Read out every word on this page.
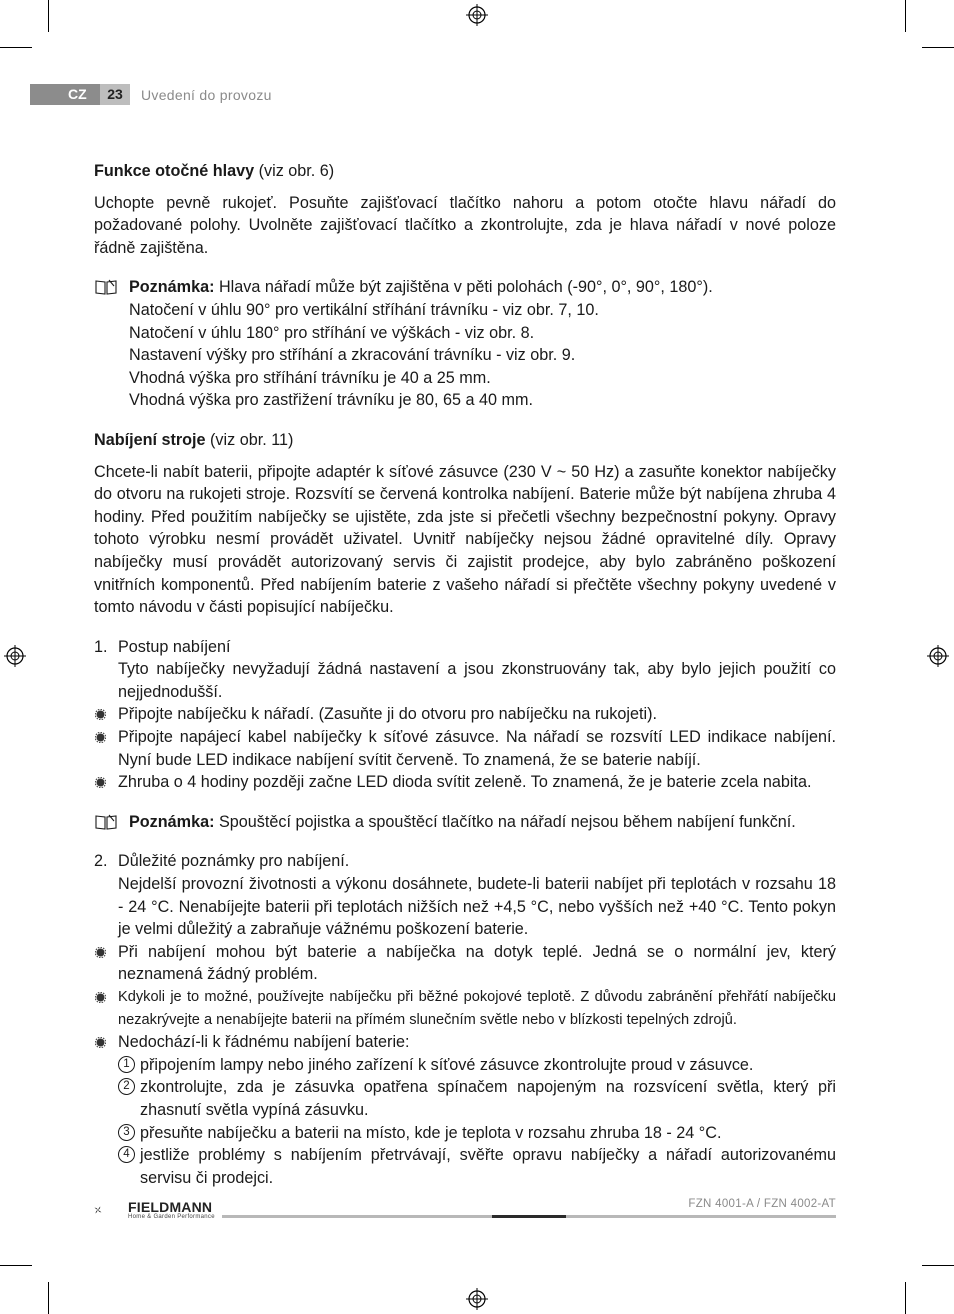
CZ	23	Uvedení do provozu

Funkce otočné hlavy (viz obr. 6)

Uchopte pevně rukojeť. Posuňte zajišťovací tlačítko nahoru a potom otočte hlavu nářadí do požadované polohy. Uvolněte zajišťovací tlačítko a zkontrolujte, zda je hlava nářadí v nové poloze řádně zajištěna.

Poznámka: Hlava nářadí může být zajištěna v pěti polohách (-90°, 0°, 90°, 180°).

Natočení v úhlu 90° pro vertikální stříhání trávníku - viz obr. 7, 10.

Natočení v úhlu 180° pro stříhání ve výškách - viz obr. 8.

Nastavení výšky pro stříhání a zkracování trávníku - viz obr. 9.

Vhodná výška pro stříhání trávníku je 40 a 25 mm.

Vhodná výška pro zastřižení trávníku je 80, 65 a 40 mm.

Nabíjení stroje (viz obr. 11)

Chcete-li nabít baterii, připojte adaptér k síťové zásuvce (230 V ~ 50 Hz) a zasuňte konektor nabíječky do otvoru na rukojeti stroje. Rozsvítí se červená kontrolka nabíjení. Baterie může být nabíjena zhruba 4 hodiny. Před použitím nabíječky se ujistěte, zda jste si přečetli všechny bezpečnostní pokyny. Opravy tohoto výrobku nesmí provádět uživatel. Uvnitř nabíječky nejsou žádné opravitelné díly. Opravy nabíječky musí provádět autorizovaný servis či zajistit prodejce, aby bylo zabráněno poškození vnitřních komponentů. Před nabíjením baterie z vašeho nářadí si přečtěte všechny pokyny uvedené v tomto návodu v části popisující nabíječku.

1. Postup nabíjení

Tyto nabíječky nevyžadují žádná nastavení a jsou zkonstruovány tak, aby bylo jejich použití co nejjednodušší.

Připojte nabíječku k nářadí. (Zasuňte ji do otvoru pro nabíječku na rukojeti).

Připojte napájecí kabel nabíječky k síťové zásuvce. Na nářadí se rozsvítí LED indikace nabíjení. Nyní bude LED indikace nabíjení svítit červeně. To znamená, že se baterie nabíjí.

Zhruba o 4 hodiny později začne LED dioda svítit zeleně. To znamená, že je baterie zcela nabita.

Poznámka: Spouštěcí pojistka a spouštěcí tlačítko na nářadí nejsou během nabíjení funkční.

2. Důležité poznámky pro nabíjení.

Nejdelší provozní životnosti a výkonu dosáhnete, budete-li baterii nabíjet při teplotách v rozsahu 18 - 24 °C. Nenabíjejte baterii při teplotách nižších než +4,5 °C, nebo vyšších než +40 °C. Tento pokyn je velmi důležitý a zabraňuje vážnému poškození baterie.

Při nabíjení mohou být baterie a nabíječka na dotyk teplé. Jedná se o normální jev, který neznamená žádný problém.

Kdykoli je to možné, používejte nabíječku při běžné pokojové teplotě. Z důvodu zabránění přehřátí nabíječku nezakrývejte a nenabíjejte baterii na přímém slunečním světle nebo v blízkosti tepelných zdrojů.

Nedochází-li k řádnému nabíjení baterie:

1 připojením lampy nebo jiného zařízení k síťové zásuvce zkontrolujte proud v zásuvce.

2 zkontrolujte, zda je zásuvka opatřena spínačem napojeným na rozsvícení světla, který při zhasnutí světla vypíná zásuvku.

3 přesuňte nabíječku a baterii na místo, kde je teplota v rozsahu zhruba 18 - 24 °C.

4 jestliže problémy s nabíjením přetrvávají, svěřte opravu nabíječky a nářadí autorizovanému servisu či prodejci.

FIELDMANN
Home & Garden Performance
FZN 4001-A / FZN 4002-AT
